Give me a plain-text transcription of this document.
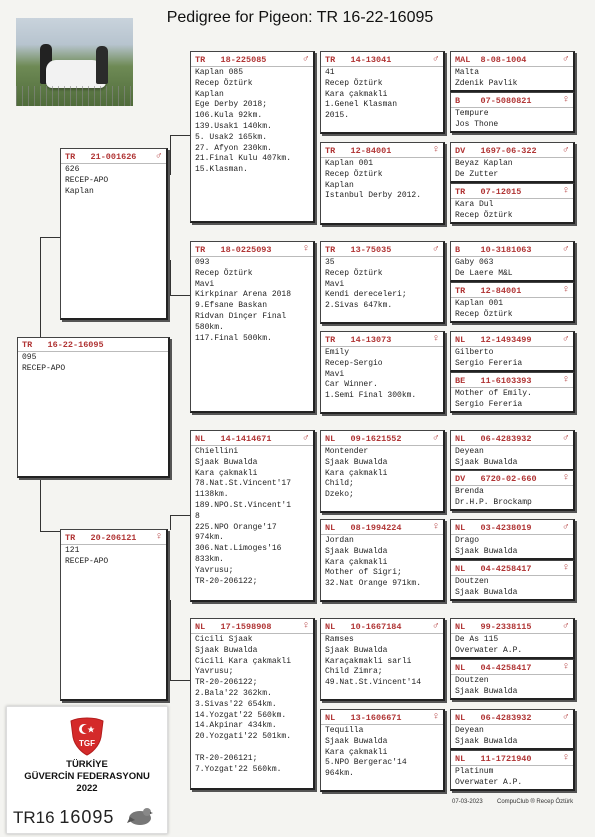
Pedigree for Pigeon: TR 16-22-16095
TR   16-22-16095
095
RECEP-APO
TR   21-001626 ♂
626
RECEP-APO
Kaplan
TR   20-206121 ♀
121
RECEP-APO
TR   18-225085	♂
Kaplan 085
Recep Öztürk
Kaplan
Ege Derby 2018;
106.Kula 92km.
139.Usak1 140km.
5. Usak2 165km.
27. Afyon 230km.
21.Final Kulu 407km.
15.Klasman.
TR   18-0225093	♀
093
Recep Öztürk
Mavi
Kirkpinar Arena 2018
9.Efsane Baskan
Ridvan Dinçer Final
580km.
117.Final 500km.
NL   14-1414671	♂
Chiellini
Sjaak Buwalda
Kara çakmakli
78.Nat.St.Vincent'17
1138km.
189.NPO.St.Vincent'1
8
225.NPO Orange'17
974km.
306.Nat.Limoges'16
833km.
Yavrusu;
TR-20-206122;
NL   17-1598908	♀
Cicili Sjaak
Sjaak Buwalda
Cicili Kara çakmakli
Yavrusu;
TR-20-206122;
2.Bala'22 362km.
3.Sivas'22 654km.
14.Yozgat'22 560km.
14.Akpinar 434km.
20.Yozgati'22 501km.
TR-20-206121;
7.Yozgat'22 560km.
TR   14-13041	♂
41
Recep Öztürk
Kara çakmakli
1.Genel Klasman
2015.
TR   12-84001	♀
Kaplan 001
Recep Öztürk
Kaplan
Istanbul Derby 2012.
TR   13-75035	♂
35
Recep Öztürk
Mavi
Kendi dereceleri;
2.Sivas 647km.
TR   14-13073	♀
Emily
Recep-Sergio
Mavi
Car Winner.
1.Semi Final 300km.
NL   09-1621552	♂
Montender
Sjaak Buwalda
Kara çakmakli
Child;
Dzeko;
NL   08-1994224	♀
Jordan
Sjaak Buwalda
Kara çakmakli
Mother of Sigri;
32.Nat Orange 971km.
NL   10-1667184	♂
Ramses
Sjaak Buwalda
Karaçakmakli sarli
Child Zimra;
49.Nat.St.Vincent'14
NL   13-1606671	♀
Tequilla
Sjaak Buwalda
Kara çakmakli
5.NPO Bergerac'14
964km.
MAL  8-08-1004	♂
Malta
Zdenik Pavlik
B    07-5080821	♀
Tempure
Jos Thone
DV   1697-06-322	♂
Beyaz Kaplan
De Zutter
TR   07-12015	♀
Kara Dul
Recep Öztürk
B    10-3181063	♂
Gaby 063
De Laere M&L
TR   12-84001	♀
Kaplan 001
Recep Öztürk
NL   12-1493499	♂
Gilberto
Sergio Fereria
BE   11-6103393	♀
Mother of Emily.
Sergio Fereria
NL   06-4283932	♂
Deyean
Sjaak Buwalda
DV   6720-02-660	♀
Brenda
Dr.H.P. Brockamp
NL   03-4238019	♂
Drago
Sjaak Buwalda
NL   04-4258417	♀
Doutzen
Sjaak Buwalda
NL   99-2338115	♂
De As 115
Overwater A.P.
NL   04-4258417	♀
Doutzen
Sjaak Buwalda
NL   06-4283932	♂
Deyean
Sjaak Buwalda
NL   11-1721940	♀
Platinum
Overwater A.P.
07-03-2023 CompuClub ® Recep Öztürk
TGF
TÜRKİYE
GÜVERCİN FEDERASYONU
2022
TR16 16095
